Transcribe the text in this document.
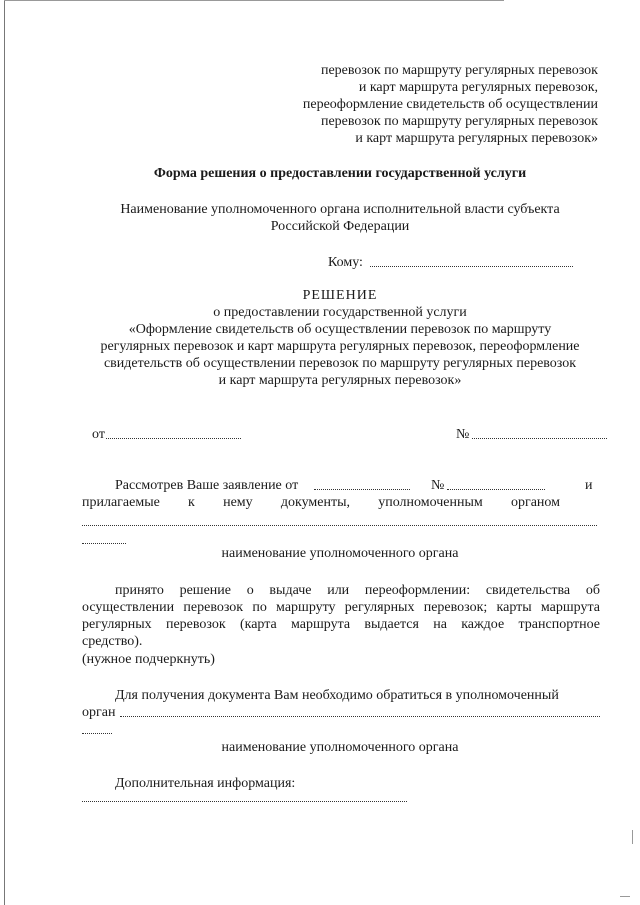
перевозок по маршруту регулярных перевозок
и карт маршрута регулярных перевозок,
переоформление свидетельств об осуществлении
перевозок по маршруту регулярных перевозок
и карт маршрута регулярных перевозок»
Форма решения о предоставлении государственной услуги
Наименование уполномоченного органа исполнительной власти субъекта
Российской Федерации
Кому:
РЕШЕНИЕ
о предоставлении государственной услуги
«Оформление свидетельств об осуществлении перевозок по маршруту
регулярных перевозок и карт маршрута регулярных перевозок, переоформление
свидетельств об осуществлении перевозок по маршруту регулярных перевозок
и карт маршрута регулярных перевозок»
от	№
Рассмотрев Ваше заявление от	№	и
прилагаемые к нему документы, уполномоченным органом
наименование уполномоченного органа
принято решение о выдаче или переоформлении: свидетельства об
осуществлении перевозок по маршруту регулярных перевозок; карты маршрута
регулярных перевозок (карта маршрута выдается на каждое транспортное
средство).
(нужное подчеркнуть)
Для получения документа Вам необходимо обратиться в уполномоченный
орган
наименование уполномоченного органа
Дополнительная информация:
